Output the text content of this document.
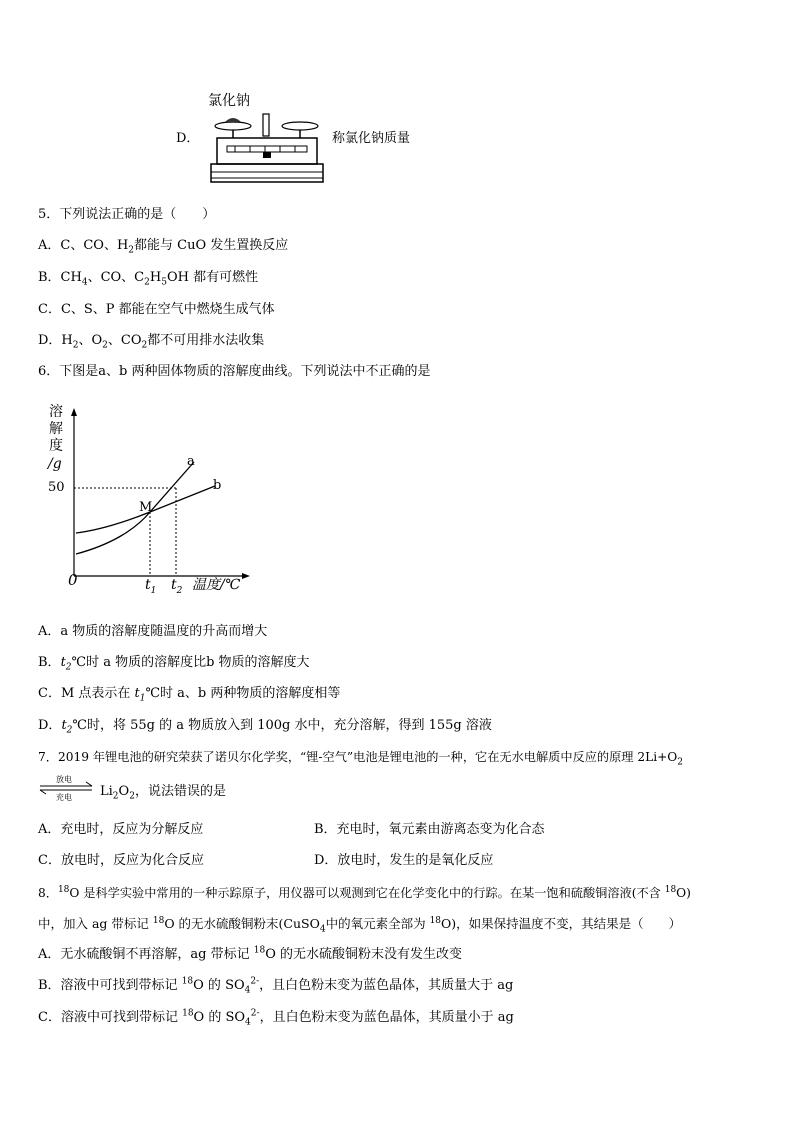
D．
氯化钠
称氯化钠质量
5．下列说法正确的是（　　）
A．C、CO、$H_2$都能与 CuO 发生置换反应
B．$CH_4$、CO、$C_2H_5OH$ 都有可燃性
C．C、S、P 都能在空气中燃烧生成气体
D．$H_2$、$O_2$、$CO_2$都不可用排水法收集
6．下图是a、b 两种固体物质的溶解度曲线。下列说法中不正确的是
溶
解
度
/g
50
0
M
a
b
$t_1$ $t_2$ 温度/℃
A．a 物质的溶解度随温度的升高而增大
B．$t_2℃$时 a 物质的溶解度比b 物质的溶解度大
C．M 点表示在 $t_1℃$时 a、b 两种物质的溶解度相等
D．$t_2℃$时，将 55g 的 a 物质放入到 100g 水中，充分溶解，得到 155g 溶液
7．2019 年锂电池的研究荣获了诺贝尔化学奖，“锂-空气”电池是锂电池的一种，它在无水电解质中反应的原理 $2Li+O_2$
放电
充电 $Li_2O_2$，说法错误的是
A．充电时，反应为分解反应	B．充电时，氧元素由游离态变为化合态
C．放电时，反应为化合反应	D．放电时，发生的是氧化反应
8．$^{18}$O 是科学实验中常用的一种示踪原子，用仪器可以观测到它在化学变化中的行踪。在某一饱和硫酸铜溶液(不含 $^{18}$O)
中，加入 ag 带标记 $^{18}$O 的无水硫酸铜粉末(CuSO$_4$中的氧元素全部为 $^{18}$O)，如果保持温度不变，其结果是（　　）
A．无水硫酸铜不再溶解，ag 带标记 $^{18}$O 的无水硫酸铜粉末没有发生改变
B．溶液中可找到带标记 $^{18}$O 的 $SO_4^{2-}$，且白色粉末变为蓝色晶体，其质量大于 ag
C．溶液中可找到带标记 $^{18}$O 的 $SO_4^{2-}$，且白色粉末变为蓝色晶体，其质量小于 ag
